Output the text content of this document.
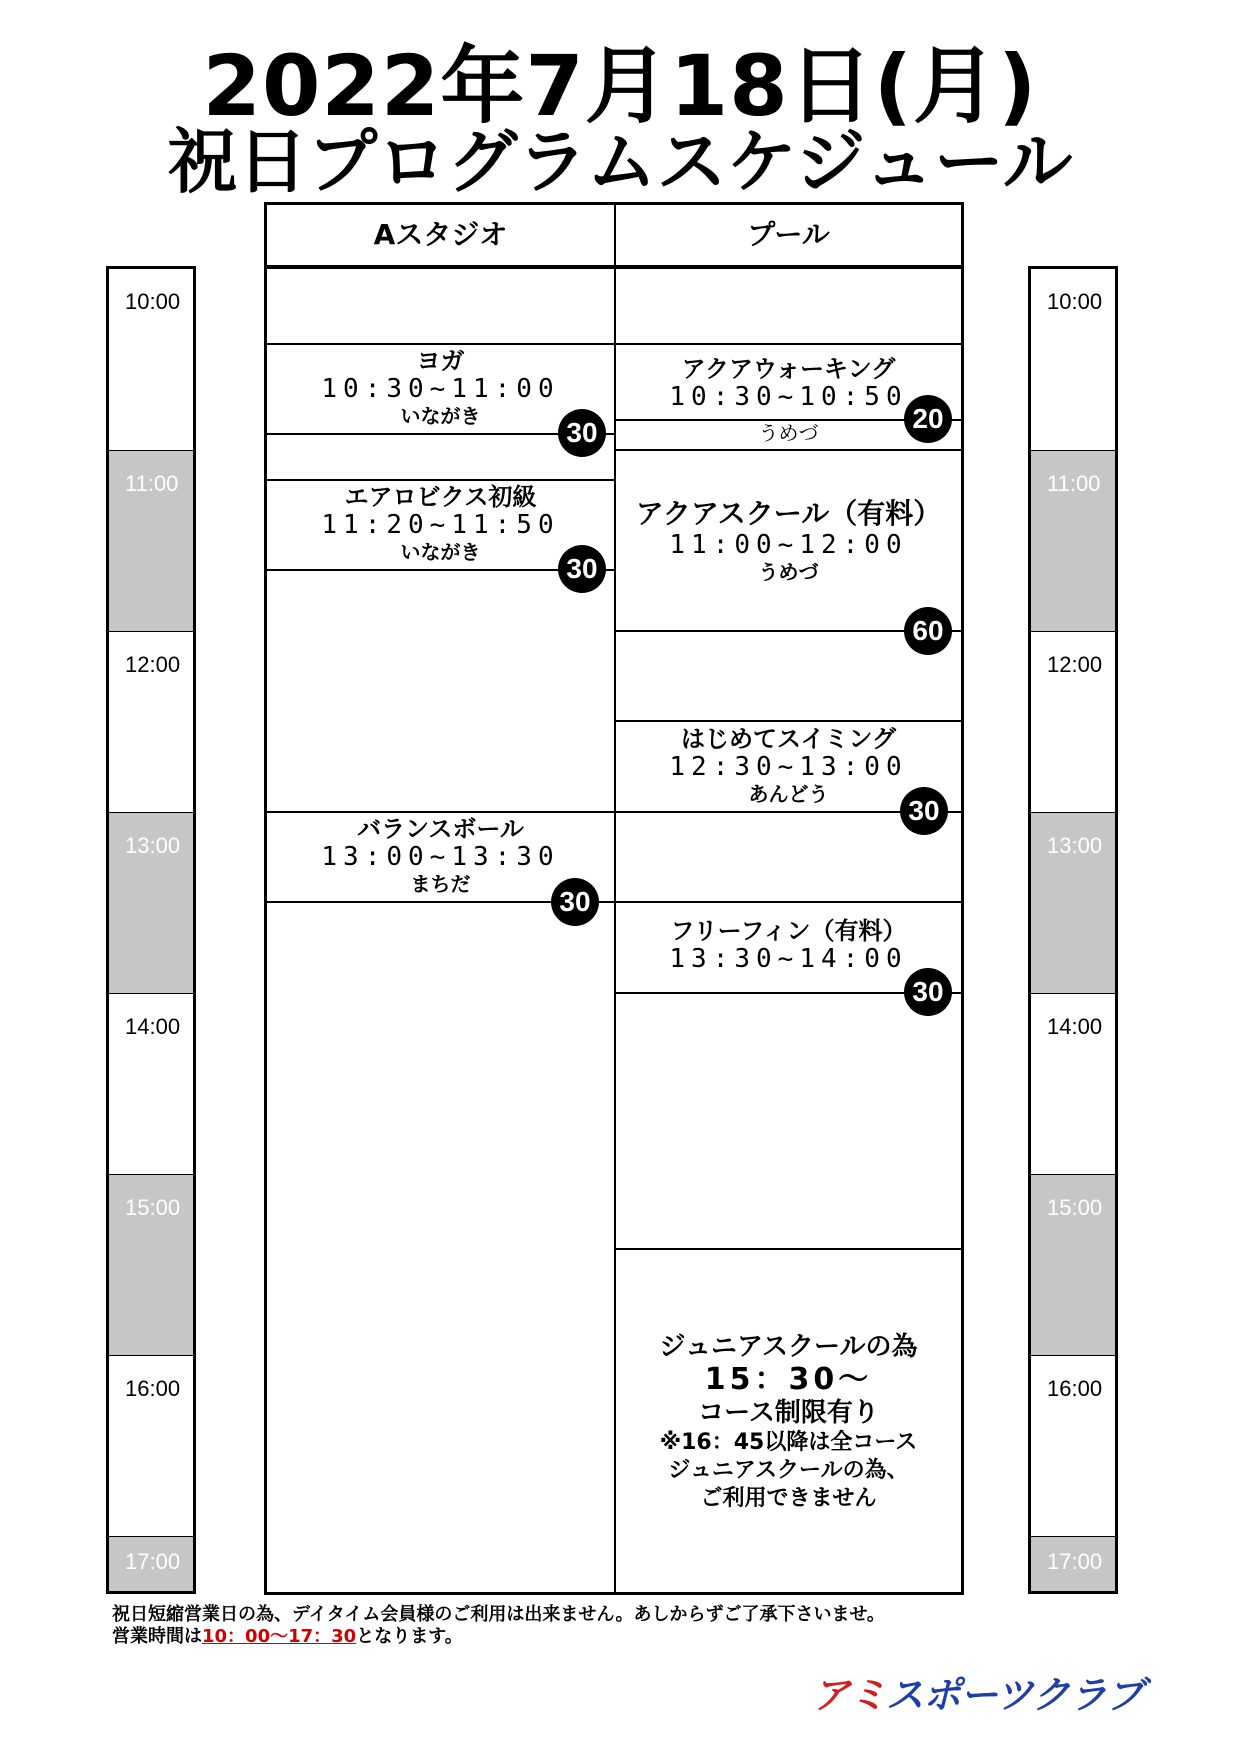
2022年7月18日(月)
祝日プログラムスケジュール
10:00
11:00
12:00
13:00
14:00
15:00
16:00
17:00
10:00
11:00
12:00
13:00
14:00
15:00
16:00
17:00
Aスタジオ
ヨガ
10:30~11:00
いながき
30
エアロビクス初級
11:20~11:50
いながき
30
バランスボール
13:00~13:30
まちだ
30
プール
アクアウォーキング
10:30~10:50
うめづ	20
アクアスクール（有料）
11:00~12:00
うめづ
60
はじめてスイミング
12:30~13:00
あんどう
30
フリーフィン（有料）
13:30~14:00
30
ジュニアスクールの為
15：30～
コース制限有り
※16：45以降は全コース
ジュニアスクールの為、
ご利用できません
祝日短縮営業日の為、デイタイム会員様のご利用は出来ません。あしからずご了承下さいませ。
営業時間は10：00～17：30となります。
アミスポーツクラブ
